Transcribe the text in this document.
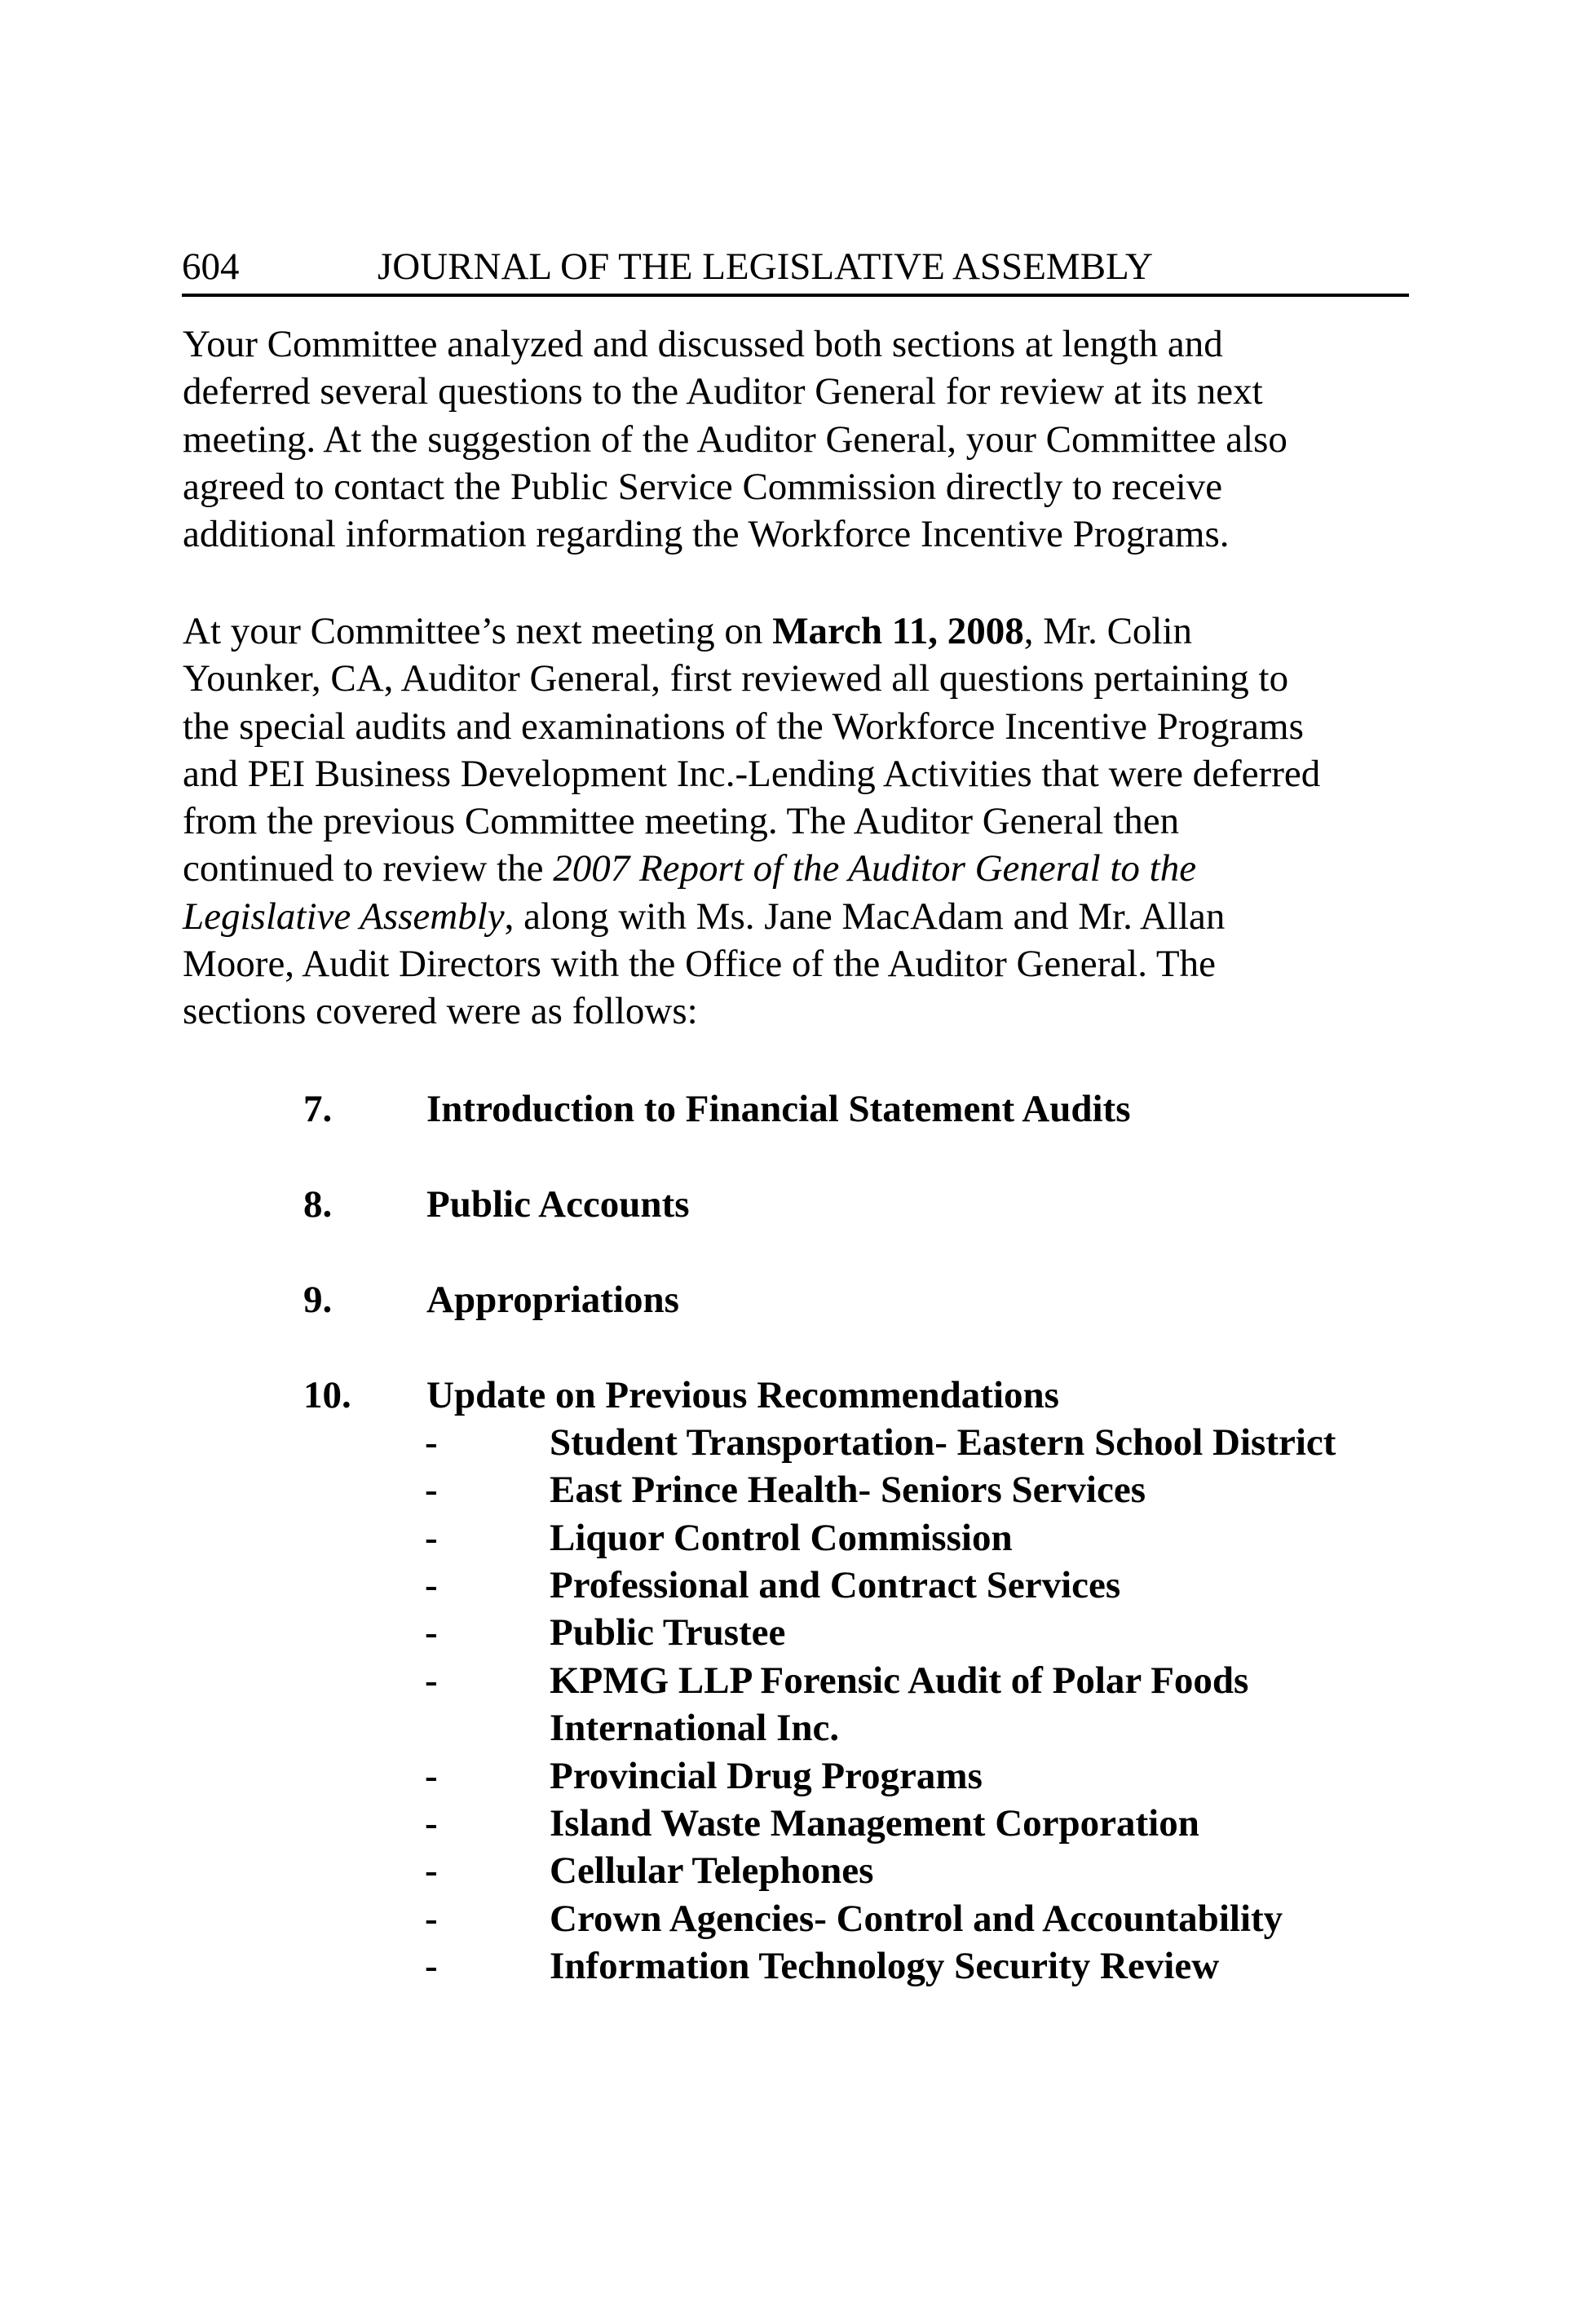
604	JOURNAL OF THE LEGISLATIVE ASSEMBLY
Your Committee analyzed and discussed both sections at length and
deferred several questions to the Auditor General for review at its next
meeting. At the suggestion of the Auditor General, your Committee also
agreed to contact the Public Service Commission directly to receive
additional information regarding the Workforce Incentive Programs.
At your Committee’s next meeting on March 11, 2008, Mr. Colin
Younker, CA, Auditor General, first reviewed all questions pertaining to
the special audits and examinations of the Workforce Incentive Programs
and PEI Business Development Inc.-Lending Activities that were deferred
from the previous Committee meeting. The Auditor General then
continued to review the 2007 Report of the Auditor General to the
Legislative Assembly, along with Ms. Jane MacAdam and Mr. Allan
Moore, Audit Directors with the Office of the Auditor General. The
sections covered were as follows:
7. Introduction to Financial Statement Audits
8. Public Accounts
9. Appropriations
10. Update on Previous Recommendations
-	Student Transportation- Eastern School District
-	East Prince Health- Seniors Services
-	Liquor Control Commission
-	Professional and Contract Services
-	Public Trustee
-	KPMG LLP Forensic Audit of Polar Foods
International Inc.
-	Provincial Drug Programs
-	Island Waste Management Corporation
-	Cellular Telephones
-	Crown Agencies- Control and Accountability
-	Information Technology Security Review
